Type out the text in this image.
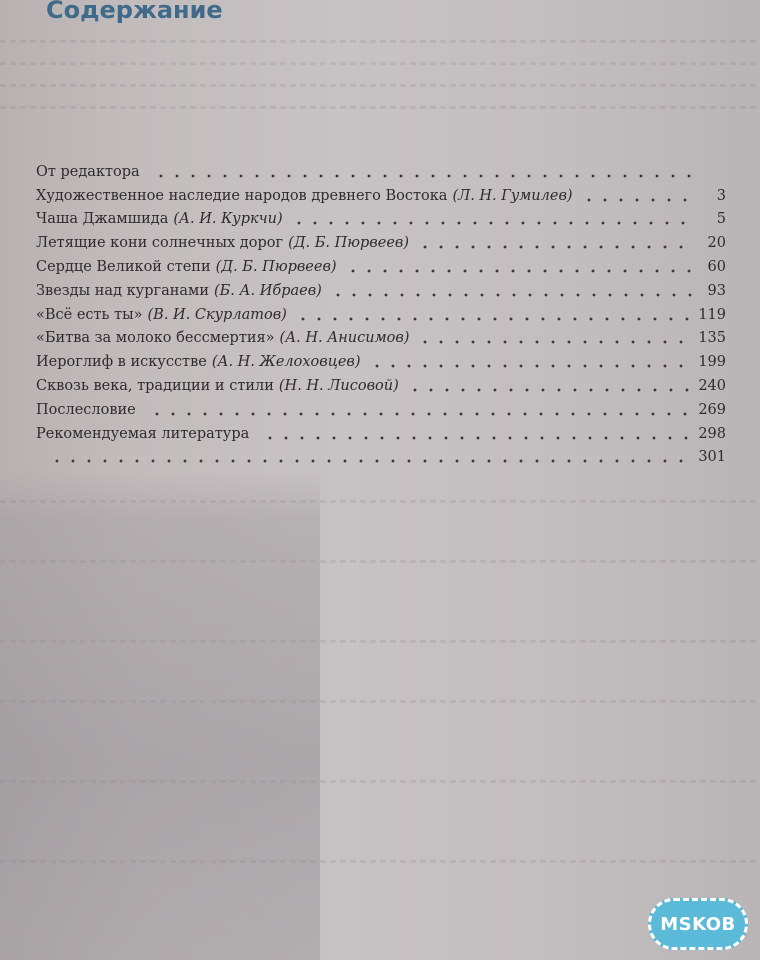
Содержание
От редактора
Художественное наследие народов древнего Востока (Л. Н. Гумилев)	3
Чаша Джамшида (А. И. Куркчи)	5
Летящие кони солнечных дорог (Д. Б. Пюрвеев)	20
Сердце Великой степи (Д. Б. Пюрвеев)	60
Звезды над курганами (Б. А. Ибраев)	93
«Всё есть ты» (В. И. Скурлатов)	119
«Битва за молоко бессмертия» (А. Н. Анисимов)	135
Иероглиф в искусстве (А. Н. Желоховцев)	199
Сквозь века, традиции и стили (Н. Н. Лисовой)	240
Послесловие	269
Рекомендуемая литература	298
301
MSKOB
